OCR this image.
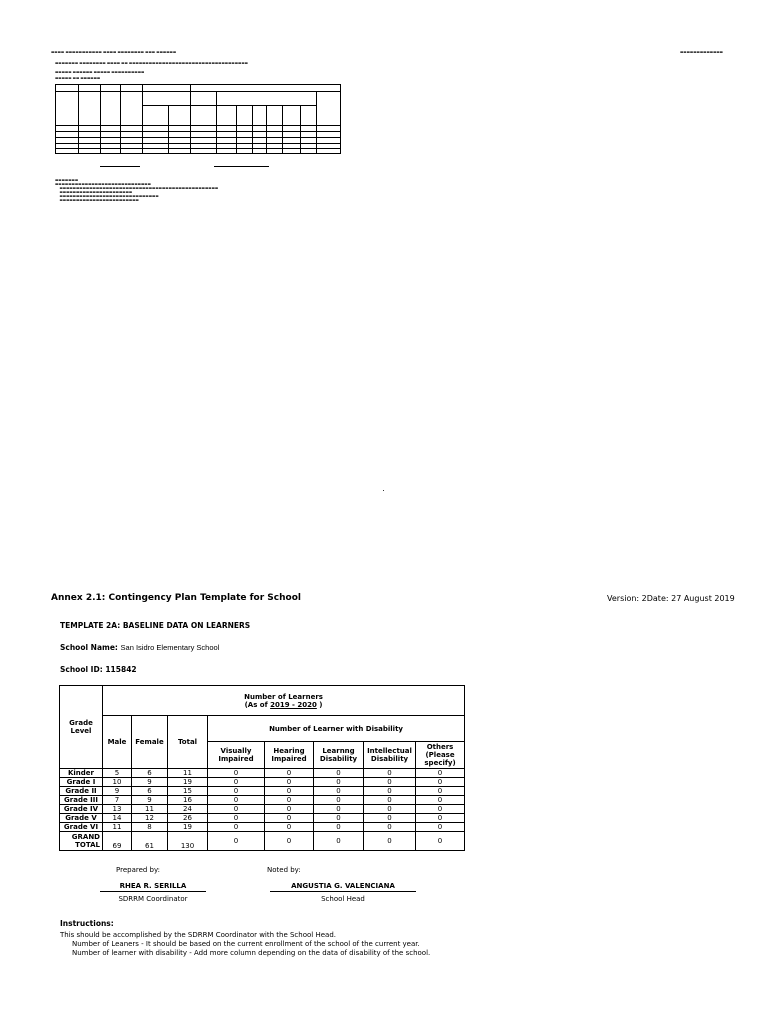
▬▬▬▬ ▬▬▬▬▬▬▬▬▬▬▬ ▬▬▬▬ ▬▬▬▬▬▬▬▬ ▬▬▬ ▬▬▬▬▬▬	▬▬▬▬▬▬▬▬▬▬▬▬▬
▬▬▬▬▬▬▬ ▬▬▬▬▬▬▬▬ ▬▬▬▬ ▬▬ ▬▬▬▬▬▬▬▬▬▬▬▬▬▬▬▬▬▬▬▬▬▬▬▬▬▬▬▬▬▬▬▬▬▬▬▬
▬▬▬▬▬ ▬▬▬▬▬▬ ▬▬▬▬▬ ▬▬▬▬▬▬▬▬▬▬
▬▬▬▬▬ ▬▬ ▬▬▬▬▬▬
▬▬▬▬▬▬▬
▬▬▬▬▬▬▬▬▬▬▬▬▬▬▬▬▬▬▬▬▬▬▬▬▬▬▬▬▬
▬▬▬▬▬▬▬▬▬▬▬▬▬▬▬▬▬▬▬▬▬▬▬▬▬▬▬▬▬▬▬▬▬▬▬▬▬▬▬▬▬▬▬▬▬▬▬▬
▬▬▬▬▬▬▬▬▬▬▬▬▬▬▬▬▬▬▬▬▬▬
▬▬▬▬▬▬▬▬▬▬▬▬▬▬▬▬▬▬▬▬▬▬▬▬▬▬▬▬▬▬
▬▬▬▬▬▬▬▬▬▬▬▬▬▬▬▬▬▬▬▬▬▬▬▬
Annex 2.1: Contingency Plan Template for School	Version: 2Date: 27 August 2019
TEMPLATE 2A: BASELINE DATA ON LEARNERS
School Name: San Isidro Elementary School
School ID: 115842
Grade Level	Number of Learners
(As of 2019 - 2020 )							
	Male	Female	Total	Number of Learner with Disability				
				Visually Impaired	Hearing Impaired	Learnng Disability	Intellectual Disability	Others (Please specify)
Kinder	5	6	11	0	0	0	0	0
Grade I	10	9	19	0	0	0	0	0
Grade II	9	6	15	0	0	0	0	0
Grade III	7	9	16	0	0	0	0	0
Grade IV	13	11	24	0	0	0	0	0
Grade V	14	12	26	0	0	0	0	0
Grade VI	11	8	19	0	0	0	0	0
GRAND TOTAL	69	61	130	0	0	0	0	0
Prepared by:	Noted by:
RHEA R. SERILLA
SDRRM Coordinator
ANGUSTIA G. VALENCIANA
School Head
Instructions:
This should be accomplished by the SDRRM Coordinator with the School Head.
Number of Leaners - It should be based on the current enrollment of the school of the current year.
Number of learner with disability - Add more column depending on the data of disability of the school.
